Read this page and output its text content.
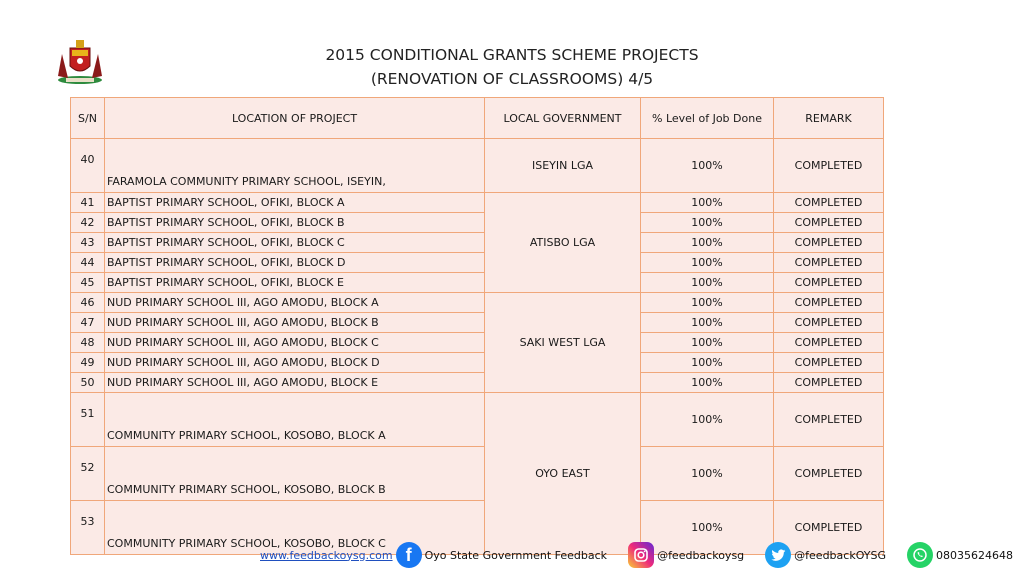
2015 CONDITIONAL GRANTS SCHEME PROJECTS
(RENOVATION OF CLASSROOMS) 4/5
S/N	LOCATION OF PROJECT	LOCAL GOVERNMENT	% Level of Job Done	REMARK
40	FARAMOLA COMMUNITY PRIMARY SCHOOL, ISEYIN,	ISEYIN LGA	100%	COMPLETED
41	BAPTIST PRIMARY SCHOOL, OFIKI, BLOCK A	ATISBO LGA	100%	COMPLETED
42	BAPTIST PRIMARY SCHOOL, OFIKI, BLOCK B		100%	COMPLETED
43	BAPTIST PRIMARY SCHOOL, OFIKI, BLOCK C		100%	COMPLETED
44	BAPTIST PRIMARY SCHOOL, OFIKI, BLOCK D		100%	COMPLETED
45	BAPTIST PRIMARY SCHOOL, OFIKI, BLOCK E		100%	COMPLETED
46	NUD PRIMARY SCHOOL III, AGO AMODU, BLOCK A	SAKI WEST LGA	100%	COMPLETED
47	NUD PRIMARY SCHOOL III, AGO AMODU, BLOCK B		100%	COMPLETED
48	NUD PRIMARY SCHOOL III, AGO AMODU, BLOCK C		100%	COMPLETED
49	NUD PRIMARY SCHOOL III, AGO AMODU, BLOCK D		100%	COMPLETED
50	NUD PRIMARY SCHOOL III, AGO AMODU, BLOCK E		100%	COMPLETED
51	COMMUNITY PRIMARY SCHOOL, KOSOBO, BLOCK A	OYO EAST	100%	COMPLETED
52	COMMUNITY PRIMARY SCHOOL, KOSOBO, BLOCK B		100%	COMPLETED
53	COMMUNITY PRIMARY SCHOOL, KOSOBO, BLOCK C		100%	COMPLETED
www.feedbackoysg.com f	Oyo State Government Feedback	@feedbackoysg	@feedbackOYSG	08035624648
